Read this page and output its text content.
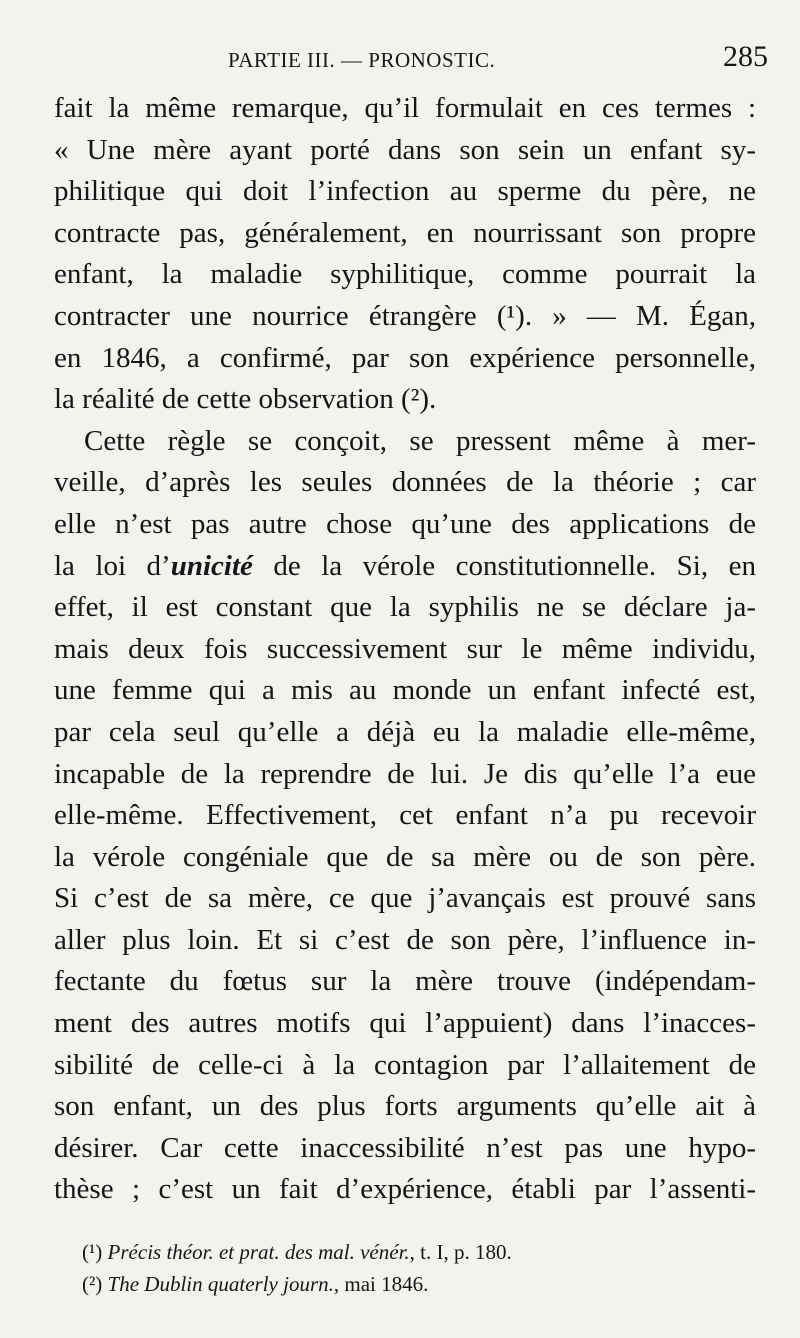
PARTIE III. — PRONOSTIC.	285
fait la même remarque, qu’il formulait en ces termes :
« Une mère ayant porté dans son sein un enfant sy-
philitique qui doit l’infection au sperme du père, ne
contracte pas, généralement, en nourrissant son propre
enfant, la maladie syphilitique, comme pourrait la
contracter une nourrice étrangère (¹). » — M. Égan,
en 1846, a confirmé, par son expérience personnelle,
la réalité de cette observation (²).
Cette règle se conçoit, se pressent même à mer-
veille, d’après les seules données de la théorie ; car
elle n’est pas autre chose qu’une des applications de
la loi d’unicité de la vérole constitutionnelle. Si, en
effet, il est constant que la syphilis ne se déclare ja-
mais deux fois successivement sur le même individu,
une femme qui a mis au monde un enfant infecté est,
par cela seul qu’elle a déjà eu la maladie elle-même,
incapable de la reprendre de lui. Je dis qu’elle l’a eue
elle-même. Effectivement, cet enfant n’a pu recevoir
la vérole congéniale que de sa mère ou de son père.
Si c’est de sa mère, ce que j’avançais est prouvé sans
aller plus loin. Et si c’est de son père, l’influence in-
fectante du fœtus sur la mère trouve (indépendam-
ment des autres motifs qui l’appuient) dans l’inacces-
sibilité de celle-ci à la contagion par l’allaitement de
son enfant, un des plus forts arguments qu’elle ait à
désirer. Car cette inaccessibilité n’est pas une hypo-
thèse ; c’est un fait d’expérience, établi par l’assenti-
(¹) Précis théor. et prat. des mal. vénér., t. I, p. 180.
(²) The Dublin quaterly journ., mai 1846.
